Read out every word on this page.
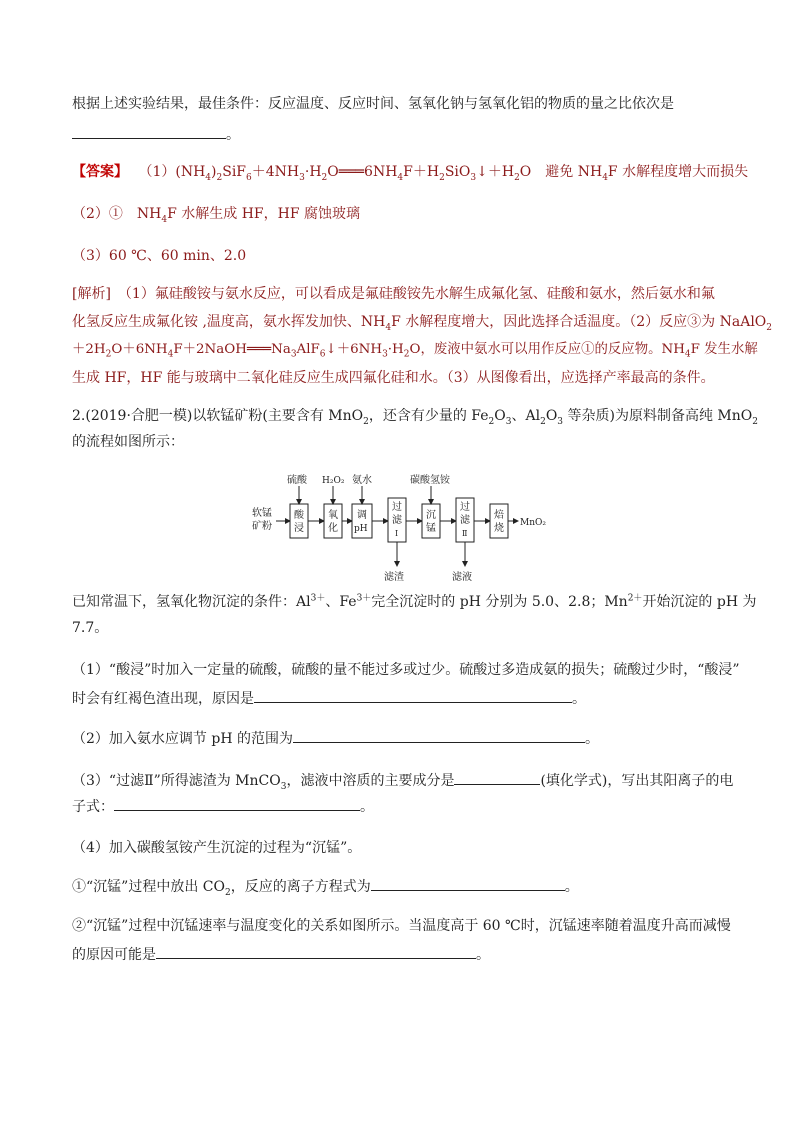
根据上述实验结果，最佳条件：反应温度、反应时间、氢氧化钠与氢氧化铝的物质的量之比依次是
。
【答案】 $(1)(NH_4)_2SiF_6+4NH_3\cdot H_2O═══6NH_4F+H_2SiO_3↓+H_2O$　避免 $NH_4F$ 水解程度增大而损失
（2）①　$NH_4F$ 水解生成 HF，HF 腐蚀玻璃
（3）60 ℃、60 min、2.0
[解析]　（1）氟硅酸铵与氨水反应，可以看成是氟硅酸铵先水解生成氟化氢、硅酸和氨水，然后氨水和氟
化氢反应生成氟化铵 ,温度高，氨水挥发加快、$NH_4F$ 水解程度增大，因此选择合适温度。（2）反应③为 NaAlO$_2$
$+2H_2O+6NH_4F+2NaOH═══Na_3AlF_6↓+6NH_3\cdot H_2O$，废液中氨水可以用作反应①的反应物。$NH_4F$ 发生水解
生成 HF，HF 能与玻璃中二氧化硅反应生成四氟化硅和水。（3）从图像看出，应选择产率最高的条件。
2.(2019·合肥一模)以软锰矿粉(主要含有 MnO$_2$，还含有少量的 $Fe_2O_3$、$Al_2O_3$ 等杂质)为原料制备高纯 MnO$_2$
的流程如图所示：
软锰
矿粉
酸
浸
氧
化
调
pH
过
滤
Ⅰ
滤渣
沉
锰
过
滤
Ⅱ
滤液
焙
烧 MnO₂
硫酸 H₂O₂ 氨水	碳酸氢铵
已知常温下，氢氧化物沉淀的条件：$Al^{3+}$、$Fe^{3+}$完全沉淀时的 pH 分别为 5.0、2.8；$Mn^{2+}$开始沉淀的 pH 为
7.7。
（1）“酸浸”时加入一定量的硫酸，硫酸的量不能过多或过少。硫酸过多造成氨的损失；硫酸过少时，“酸浸”
时会有红褐色渣出现，原因是	。
（2）加入氨水应调节 pH 的范围为	。
（3）“过滤Ⅱ”所得滤渣为 MnCO$_3$，滤液中溶质的主要成分是	(填化学式)，写出其阳离子的电
子式：	。
（4）加入碳酸氢铵产生沉淀的过程为“沉锰”。
①“沉锰”过程中放出 $CO_2$，反应的离子方程式为	。
②“沉锰”过程中沉锰速率与温度变化的关系如图所示。当温度高于 60 ℃时，沉锰速率随着温度升高而减慢
的原因可能是	。
